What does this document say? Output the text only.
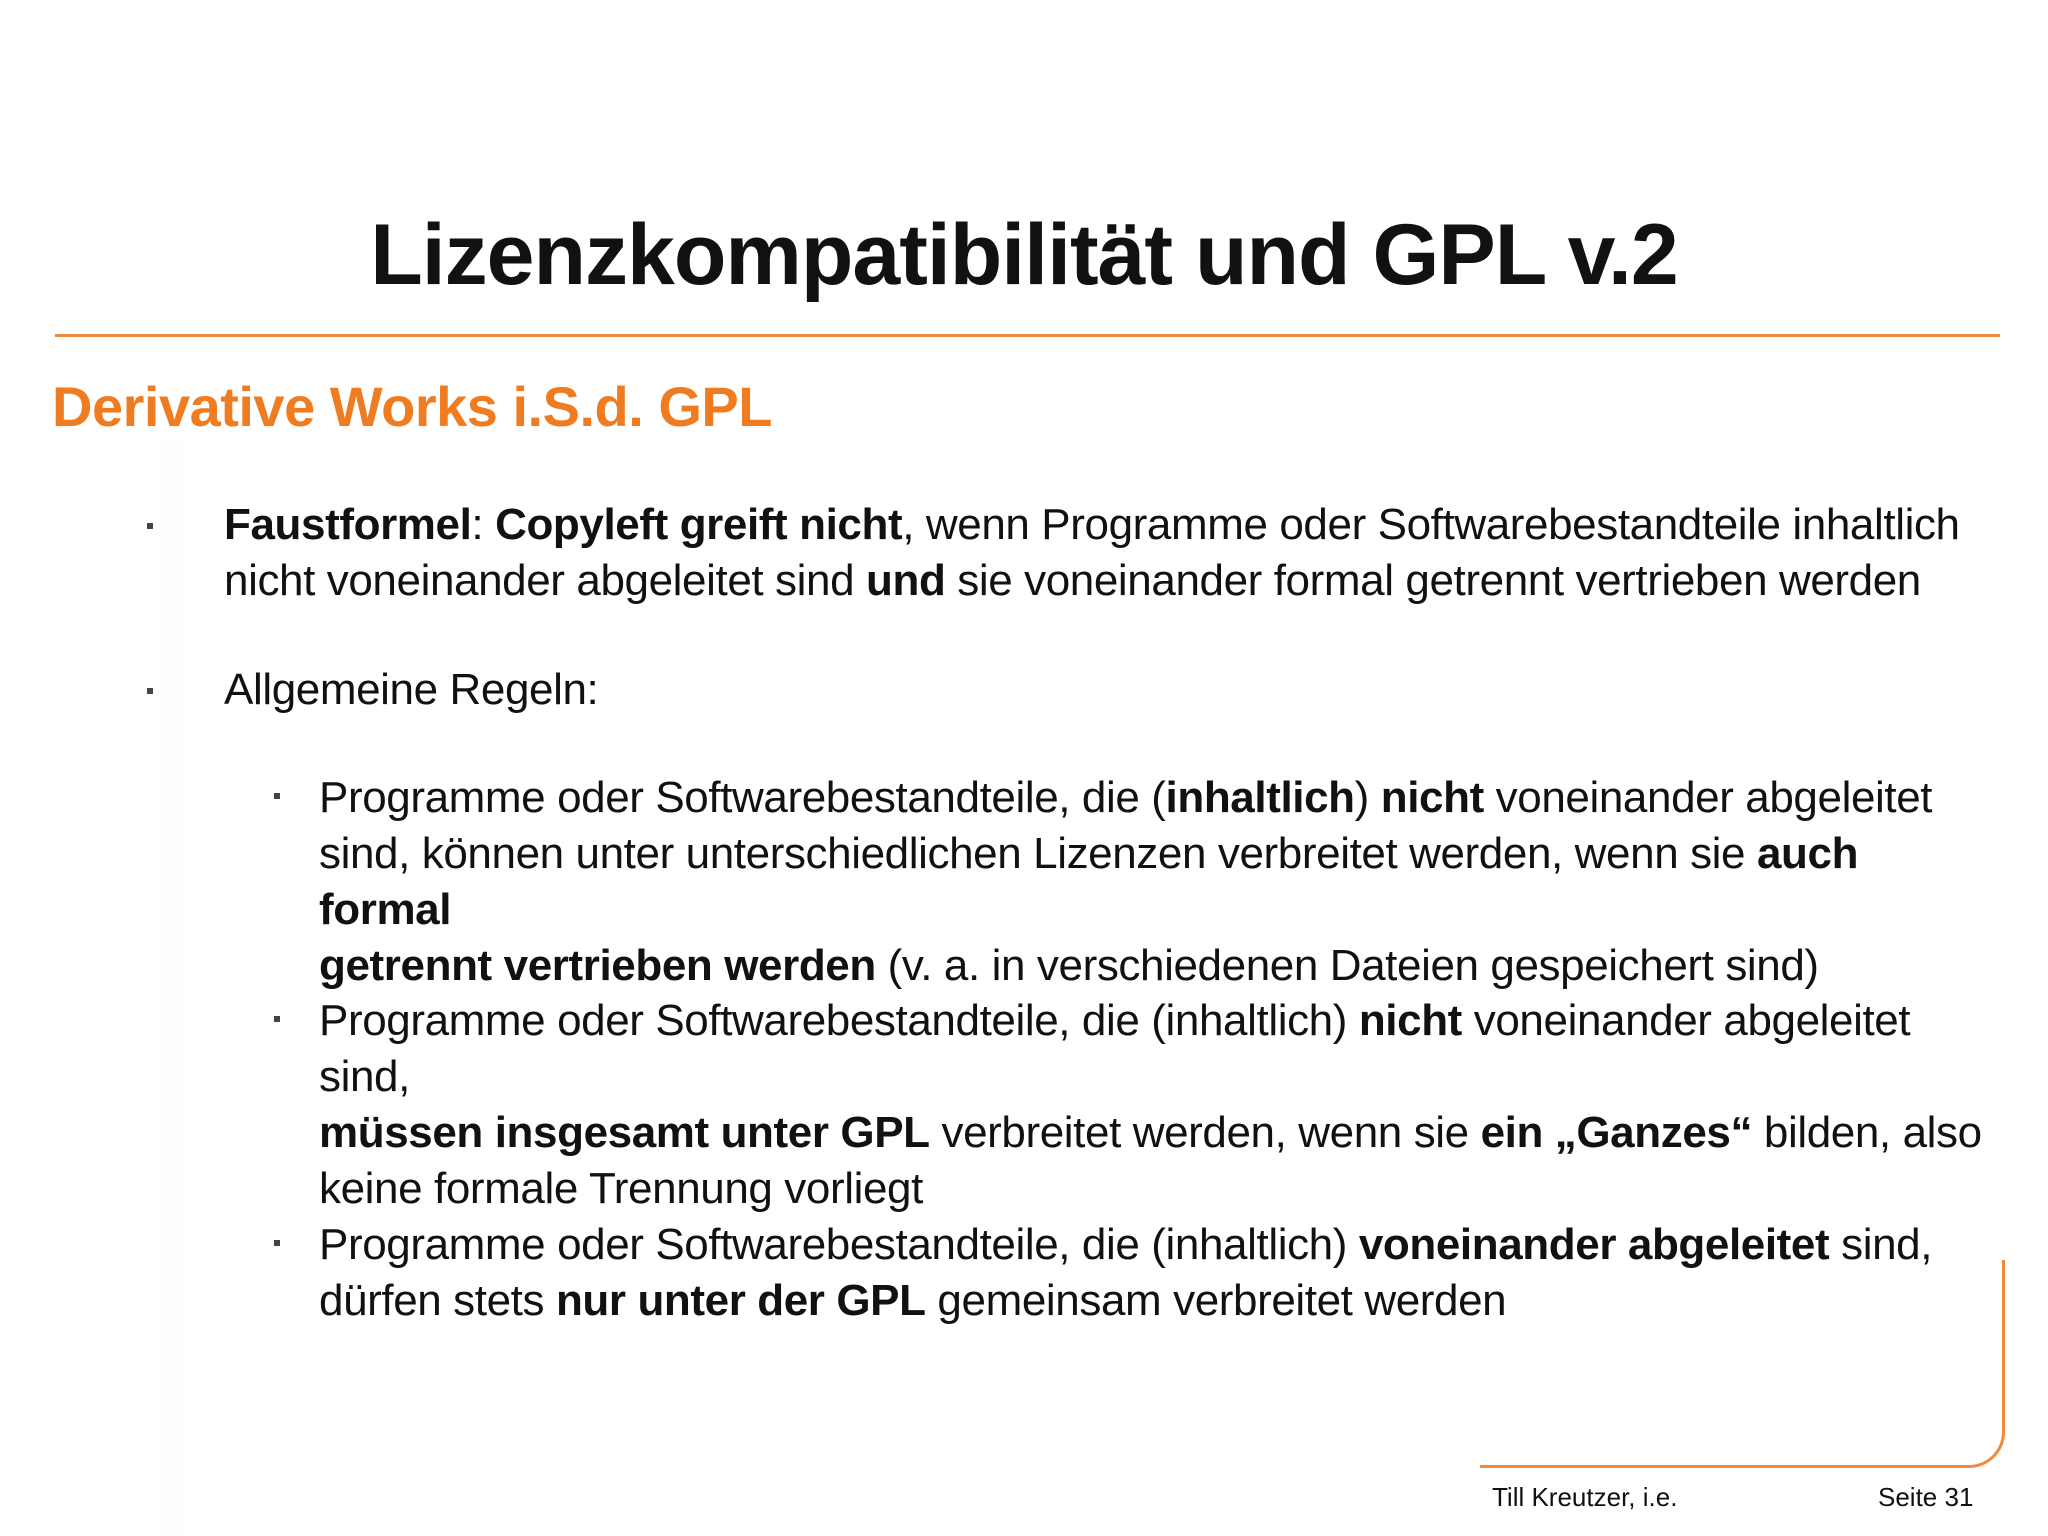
Lizenzkompatibilität und GPL v.2
Derivative Works i.S.d. GPL
Faustformel: Copyleft greift nicht, wenn Programme oder Softwarebestandteile inhaltlich
nicht voneinander abgeleitet sind und sie voneinander formal getrennt vertrieben werden
Allgemeine Regeln:
Programme oder Softwarebestandteile, die (inhaltlich) nicht voneinander abgeleitet
sind, können unter unterschiedlichen Lizenzen verbreitet werden, wenn sie auch formal
getrennt vertrieben werden (v. a. in verschiedenen Dateien gespeichert sind)
Programme oder Softwarebestandteile, die (inhaltlich) nicht voneinander abgeleitet sind,
müssen insgesamt unter GPL verbreitet werden, wenn sie ein „Ganzes“ bilden, also
keine formale Trennung vorliegt
Programme oder Softwarebestandteile, die (inhaltlich) voneinander abgeleitet sind,
dürfen stets nur unter der GPL gemeinsam verbreitet werden
Till Kreutzer, i.e.	Seite 31
